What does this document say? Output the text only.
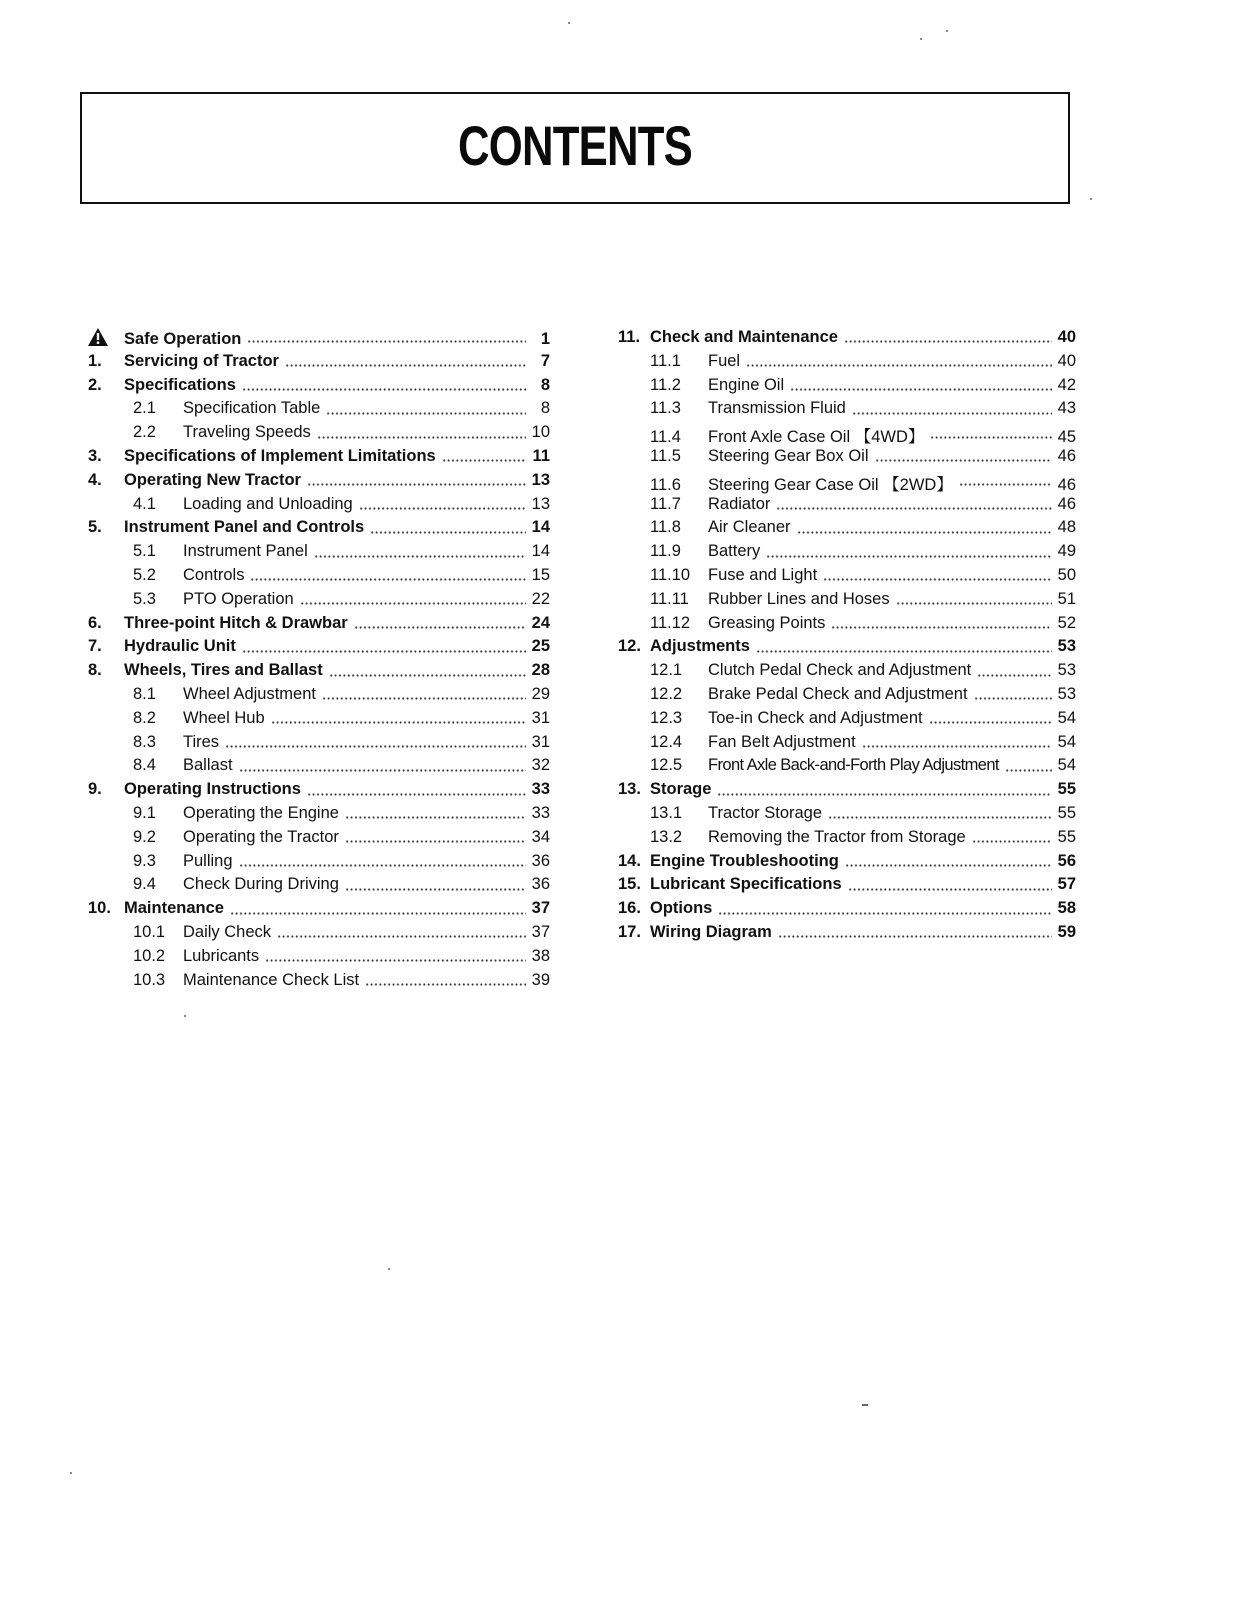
CONTENTS
Safe Operation	1
1.	Servicing of Tractor	7
2.	Specifications	8
2.1	Specification Table	8
2.2	Traveling Speeds	10
3.	Specifications of Implement Limitations	11
4.	Operating New Tractor	13
4.1	Loading and Unloading	13
5.	Instrument Panel and Controls	14
5.1	Instrument Panel	14
5.2	Controls	15
5.3	PTO Operation	22
6.	Three-point Hitch & Drawbar	24
7.	Hydraulic Unit	25
8.	Wheels, Tires and Ballast	28
8.1	Wheel Adjustment	29
8.2	Wheel Hub	31
8.3	Tires	31
8.4	Ballast	32
9.	Operating Instructions	33
9.1	Operating the Engine	33
9.2	Operating the Tractor	34
9.3	Pulling	36
9.4	Check During Driving	36
10. Maintenance	37
10.1	Daily Check	37
10.2	Lubricants	38
10.3	Maintenance Check List	39
11. Check and Maintenance	40
11.1	Fuel	40
11.2	Engine Oil	42
11.3	Transmission Fluid	43
11.4	Front Axle Case Oil 【4WD】	45
11.5	Steering Gear Box Oil	46
11.6	Steering Gear Case Oil 【2WD】	46
11.7	Radiator	46
11.8	Air Cleaner	48
11.9	Battery	49
11.10	Fuse and Light	50
11.11	Rubber Lines and Hoses	51
11.12	Greasing Points	52
12. Adjustments	53
12.1	Clutch Pedal Check and Adjustment	53
12.2	Brake Pedal Check and Adjustment	53
12.3	Toe-in Check and Adjustment	54
12.4	Fan Belt Adjustment	54
12.5	Front Axle Back-and-Forth Play Adjustment	54
13. Storage	55
13.1	Tractor Storage	55
13.2	Removing the Tractor from Storage	55
14. Engine Troubleshooting	56
15. Lubricant Specifications	57
16. Options	58
17. Wiring Diagram	59
